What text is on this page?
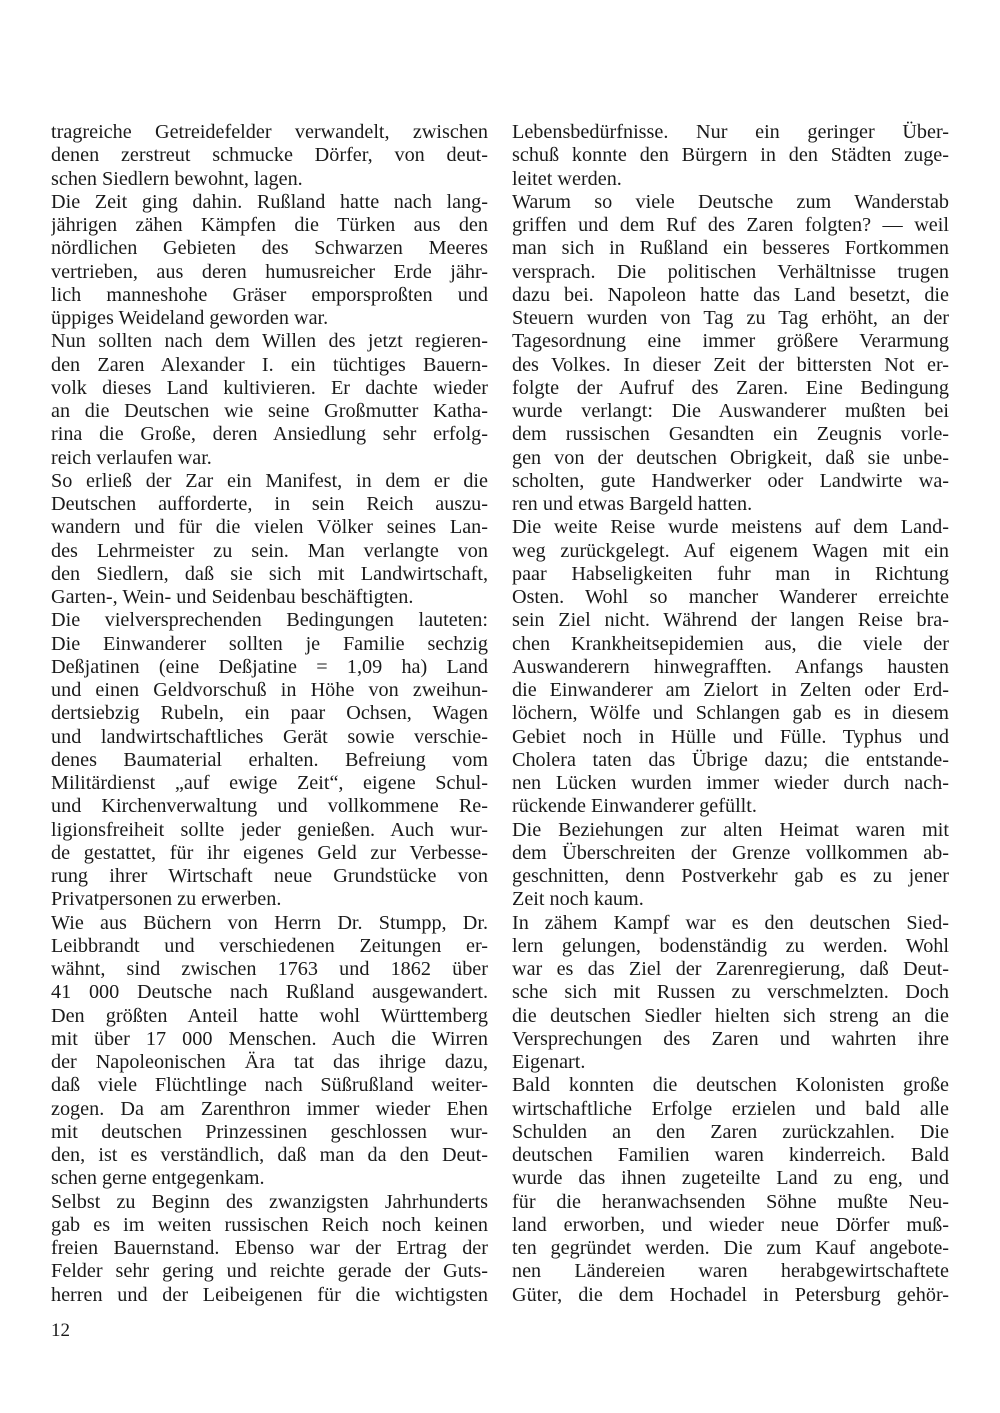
tragreiche Getreidefelder verwandelt, zwischen
denen zerstreut schmucke Dörfer, von deut-
schen Siedlern bewohnt, lagen.
Die Zeit ging dahin. Rußland hatte nach lang-
jährigen zähen Kämpfen die Türken aus den
nördlichen Gebieten des Schwarzen Meeres
vertrieben, aus deren humusreicher Erde jähr-
lich manneshohe Gräser emporsproßten und
üppiges Weideland geworden war.
Nun sollten nach dem Willen des jetzt regieren-
den Zaren Alexander I. ein tüchtiges Bauern-
volk dieses Land kultivieren. Er dachte wieder
an die Deutschen wie seine Großmutter Katha-
rina die Große, deren Ansiedlung sehr erfolg-
reich verlaufen war.
So erließ der Zar ein Manifest, in dem er die
Deutschen aufforderte, in sein Reich auszu-
wandern und für die vielen Völker seines Lan-
des Lehrmeister zu sein. Man verlangte von
den Siedlern, daß sie sich mit Landwirtschaft,
Garten-, Wein- und Seidenbau beschäftigten.
Die vielversprechenden Bedingungen lauteten:
Die Einwanderer sollten je Familie sechzig
Deßjatinen (eine Deßjatine = 1,09 ha) Land
und einen Geldvorschuß in Höhe von zweihun-
dertsiebzig Rubeln, ein paar Ochsen, Wagen
und landwirtschaftliches Gerät sowie verschie-
denes Baumaterial erhalten. Befreiung vom
Militärdienst „auf ewige Zeit“, eigene Schul-
und Kirchenverwaltung und vollkommene Re-
ligionsfreiheit sollte jeder genießen. Auch wur-
de gestattet, für ihr eigenes Geld zur Verbesse-
rung ihrer Wirtschaft neue Grundstücke von
Privatpersonen zu erwerben.
Wie aus Büchern von Herrn Dr. Stumpp, Dr.
Leibbrandt und verschiedenen Zeitungen er-
wähnt, sind zwischen 1763 und 1862 über
41 000 Deutsche nach Rußland ausgewandert.
Den größten Anteil hatte wohl Württemberg
mit über 17 000 Menschen. Auch die Wirren
der Napoleonischen Ära tat das ihrige dazu,
daß viele Flüchtlinge nach Süßrußland weiter-
zogen. Da am Zarenthron immer wieder Ehen
mit deutschen Prinzessinen geschlossen wur-
den, ist es verständlich, daß man da den Deut-
schen gerne entgegenkam.
Selbst zu Beginn des zwanzigsten Jahrhunderts
gab es im weiten russischen Reich noch keinen
freien Bauernstand. Ebenso war der Ertrag der
Felder sehr gering und reichte gerade der Guts-
herren und der Leibeigenen für die wichtigsten
Lebensbedürfnisse. Nur ein geringer Über-
schuß konnte den Bürgern in den Städten zuge-
leitet werden.
Warum so viele Deutsche zum Wanderstab
griffen und dem Ruf des Zaren folgten? — weil
man sich in Rußland ein besseres Fortkommen
versprach. Die politischen Verhältnisse trugen
dazu bei. Napoleon hatte das Land besetzt, die
Steuern wurden von Tag zu Tag erhöht, an der
Tagesordnung eine immer größere Verarmung
des Volkes. In dieser Zeit der bittersten Not er-
folgte der Aufruf des Zaren. Eine Bedingung
wurde verlangt: Die Auswanderer mußten bei
dem russischen Gesandten ein Zeugnis vorle-
gen von der deutschen Obrigkeit, daß sie unbe-
scholten, gute Handwerker oder Landwirte wa-
ren und etwas Bargeld hatten.
Die weite Reise wurde meistens auf dem Land-
weg zurückgelegt. Auf eigenem Wagen mit ein
paar Habseligkeiten fuhr man in Richtung
Osten. Wohl so mancher Wanderer erreichte
sein Ziel nicht. Während der langen Reise bra-
chen Krankheitsepidemien aus, die viele der
Auswanderern hinwegrafften. Anfangs hausten
die Einwanderer am Zielort in Zelten oder Erd-
löchern, Wölfe und Schlangen gab es in diesem
Gebiet noch in Hülle und Fülle. Typhus und
Cholera taten das Übrige dazu; die entstande-
nen Lücken wurden immer wieder durch nach-
rückende Einwanderer gefüllt.
Die Beziehungen zur alten Heimat waren mit
dem Überschreiten der Grenze vollkommen ab-
geschnitten, denn Postverkehr gab es zu jener
Zeit noch kaum.
In zähem Kampf war es den deutschen Sied-
lern gelungen, bodenständig zu werden. Wohl
war es das Ziel der Zarenregierung, daß Deut-
sche sich mit Russen zu verschmelzten. Doch
die deutschen Siedler hielten sich streng an die
Versprechungen des Zaren und wahrten ihre
Eigenart.
Bald konnten die deutschen Kolonisten große
wirtschaftliche Erfolge erzielen und bald alle
Schulden an den Zaren zurückzahlen. Die
deutschen Familien waren kinderreich. Bald
wurde das ihnen zugeteilte Land zu eng, und
für die heranwachsenden Söhne mußte Neu-
land erworben, und wieder neue Dörfer muß-
ten gegründet werden. Die zum Kauf angebote-
nen Ländereien waren herabgewirtschaftete
Güter, die dem Hochadel in Petersburg gehör-
12
